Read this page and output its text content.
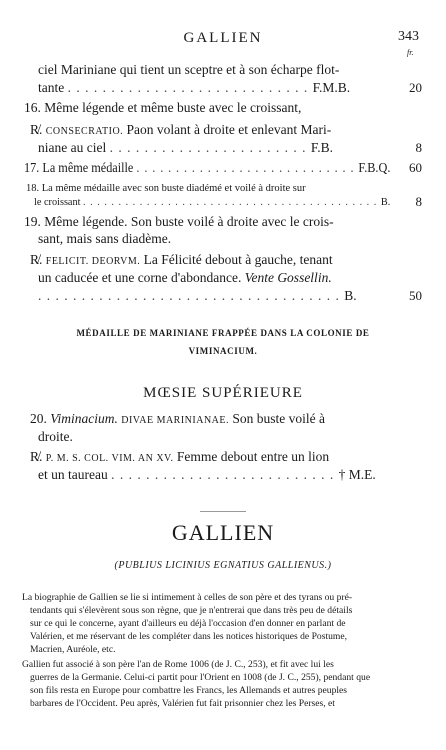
GALLIEN	343
fr.
ciel Mariniane qui tient un sceptre et à son écharpe flot-
tante . . . . . . . . . . . . . . . . . . . . . . . . . . . . F.M.B.	20
16. Même légende et même buste avec le croissant,
R̸. CONSECRATIO. Paon volant à droite et enlevant Mari-
niane au ciel . . . . . . . . . . . . . . . . . . . . . . . F.B.	8
17. La même médaille . . . . . . . . . . . . . . . . . . . . . . . . . . . . F.B.Q.	60
18. La même médaille avec son buste diadémé et voilé à droite sur
le croissant . . . . . . . . . . . . . . . . . . . . . . . . . . . . . . . . . . . . . . . . . . B.	8
19. Même légende. Son buste voilé à droite avec le crois-
sant, mais sans diadème.
R̸. FELICIT. DEORVM. La Félicité debout à gauche, tenant
un caducée et une corne d'abondance. Vente Gossellin.
. . . . . . . . . . . . . . . . . . . . . . . . . . . . . . . . . . . B.	50
MÉDAILLE DE MARINIANE FRAPPÉE DANS LA COLONIE DE
VIMINACIUM.
MŒSIE SUPÉRIEURE
20. Viminacium. DIVAE MARINIANAE. Son buste voilé à
droite.
R̸. P. M. S. COL. VIM. AN XV. Femme debout entre un lion
et un taureau . . . . . . . . . . . . . . . . . . . . . . . . . . † M.E.
GALLIEN
(PUBLIUS LICINIUS EGNATIUS GALLIENUS.)
La biographie de Gallien se lie si intimement à celles de son père et des tyrans ou pré-
tendants qui s'élevèrent sous son règne, que je n'entrerai que dans très peu de détails
sur ce qui le concerne, ayant d'ailleurs eu déjà l'occasion d'en donner en parlant de
Valérien, et me réservant de les compléter dans les notices historiques de Postume,
Macrien, Auréole, etc.
Gallien fut associé à son père l'an de Rome 1006 (de J. C., 253), et fit avec lui les
guerres de la Germanie. Celui-ci partit pour l'Orient en 1008 (de J. C., 255), pendant que
son fils resta en Europe pour combattre les Francs, les Allemands et autres peuples
barbares de l'Occident. Peu après, Valérien fut fait prisonnier chez les Perses, et
